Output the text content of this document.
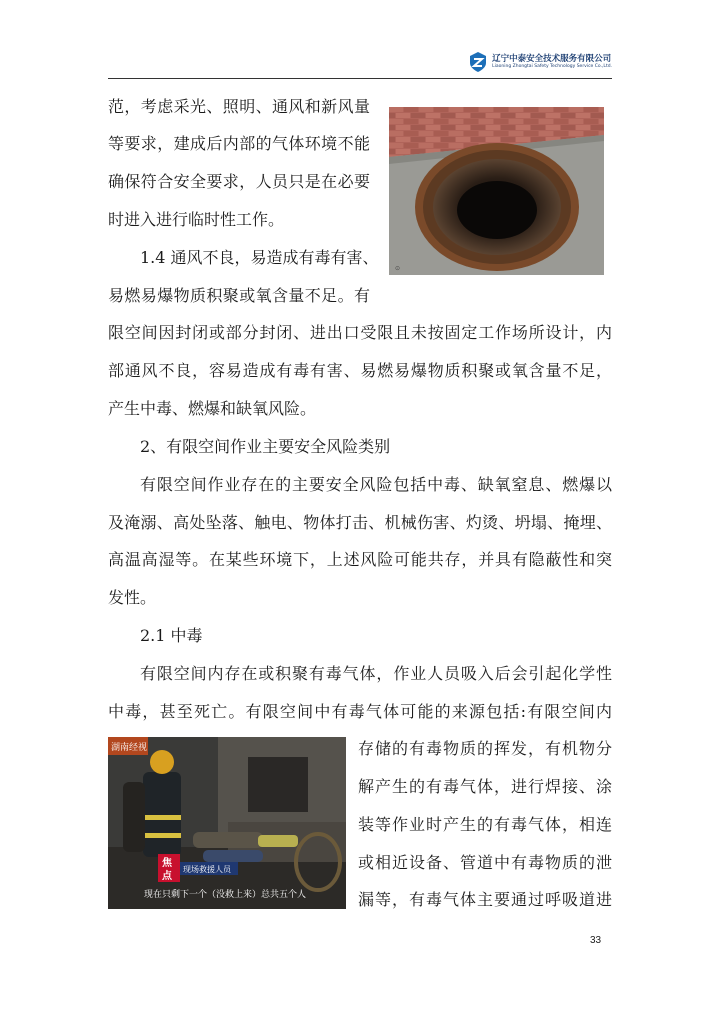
辽宁中泰安全技术服务有限公司
Liaoning Zhongtai Safety Technology Service Co.,Ltd.
⊙
范，考虑采光、照明、通风和新风量
等要求，建成后内部的气体环境不能
确保符合安全要求，人员只是在必要
时进入进行临时性工作。
1.4 通风不良，易造成有毒有害、
易燃易爆物质积聚或氧含量不足。有
限空间因封闭或部分封闭、进出口受限且未按固定工作场所设计，内
部通风不良，容易造成有毒有害、易燃易爆物质积聚或氧含量不足，
产生中毒、燃爆和缺氧风险。
2、有限空间作业主要安全风险类别
有限空间作业存在的主要安全风险包括中毒、缺氧窒息、燃爆以
及淹溺、高处坠落、触电、物体打击、机械伤害、灼烫、坍塌、掩埋、
高温高湿等。在某些环境下，上述风险可能共存，并具有隐蔽性和突
发性。
2.1 中毒
有限空间内存在或积聚有毒气体，作业人员吸入后会引起化学性
中毒，甚至死亡。有限空间中有毒气体可能的来源包括:有限空间内
存储的有毒物质的挥发，有机物分
解产生的有毒气体，进行焊接、涂
装等作业时产生的有毒气体，相连
或相近设备、管道中有毒物质的泄
漏等，有毒气体主要通过呼吸道进
湖南经视
焦
点
现场救援人员
现在只剩下一个（没救上来）总共五个人
33
